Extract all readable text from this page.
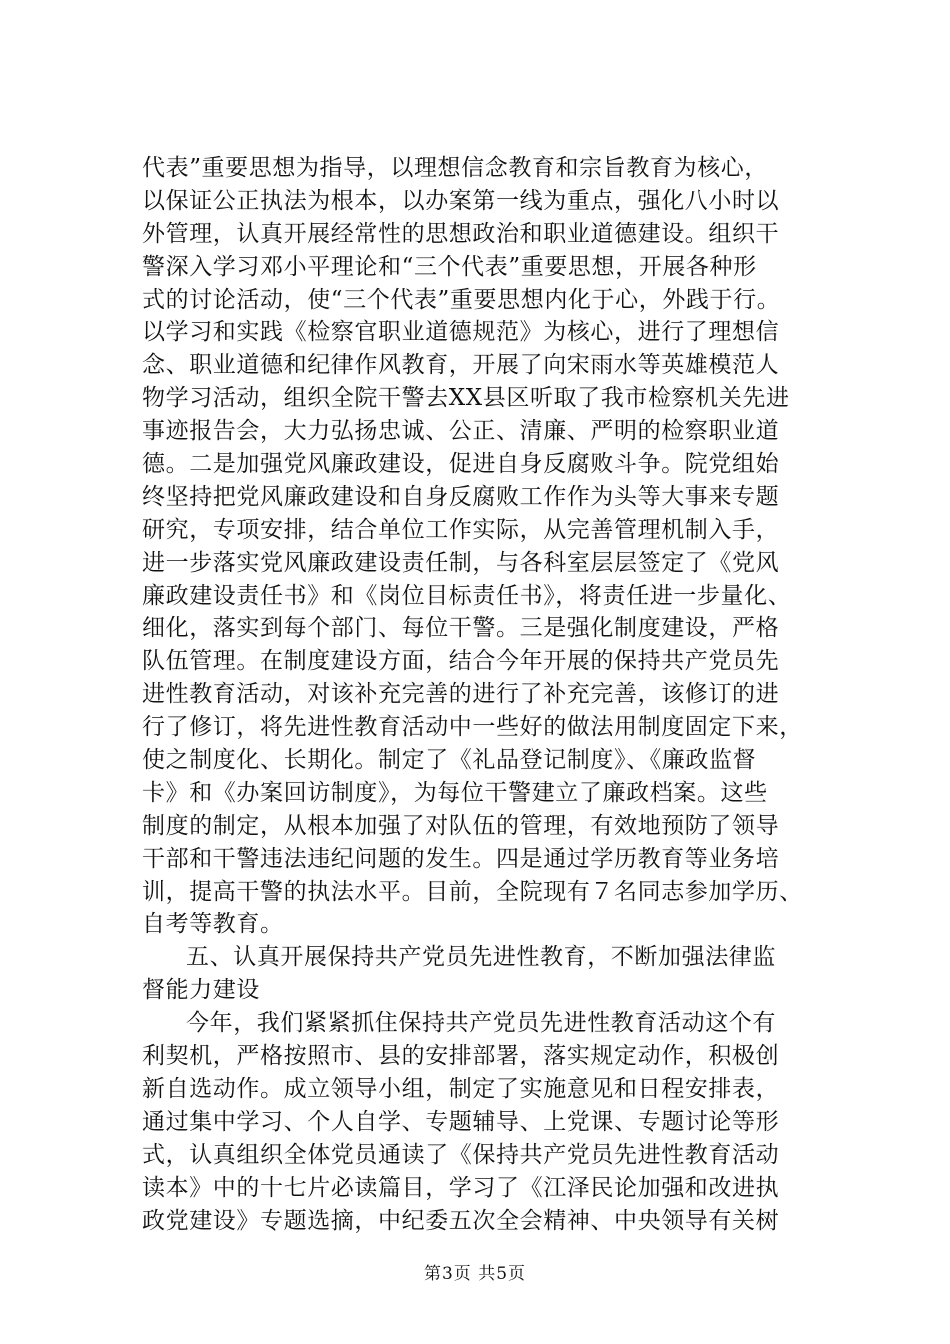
代表”重要思想为指导，以理想信念教育和宗旨教育为核心，
以保证公正执法为根本，以办案第一线为重点，强化八小时以
外管理，认真开展经常性的思想政治和职业道德建设。组织干
警深入学习邓小平理论和“三个代表”重要思想，开展各种形
式的讨论活动，使“三个代表”重要思想内化于心，外践于行。
以学习和实践《检察官职业道德规范》为核心，进行了理想信
念、职业道德和纪律作风教育，开展了向宋雨水等英雄模范人
物学习活动，组织全院干警去XX县区听取了我市检察机关先进
事迹报告会，大力弘扬忠诚、公正、清廉、严明的检察职业道
德。二是加强党风廉政建设，促进自身反腐败斗争。院党组始
终坚持把党风廉政建设和自身反腐败工作作为头等大事来专题
研究，专项安排，结合单位工作实际，从完善管理机制入手，
进一步落实党风廉政建设责任制，与各科室层层签定了《党风
廉政建设责任书》和《岗位目标责任书》，将责任进一步量化、
细化，落实到每个部门、每位干警。三是强化制度建设，严格
队伍管理。在制度建设方面，结合今年开展的保持共产党员先
进性教育活动，对该补充完善的进行了补充完善，该修订的进
行了修订，将先进性教育活动中一些好的做法用制度固定下来，
使之制度化、长期化。制定了《礼品登记制度》、《廉政监督
卡》和《办案回访制度》，为每位干警建立了廉政档案。这些
制度的制定，从根本加强了对队伍的管理，有效地预防了领导
干部和干警违法违纪问题的发生。四是通过学历教育等业务培
训，提高干警的执法水平。目前，全院现有７名同志参加学历、
自考等教育。
五、认真开展保持共产党员先进性教育，不断加强法律监
督能力建设
今年，我们紧紧抓住保持共产党员先进性教育活动这个有
利契机，严格按照市、县的安排部署，落实规定动作，积极创
新自选动作。成立领导小组，制定了实施意见和日程安排表，
通过集中学习、个人自学、专题辅导、上党课、专题讨论等形
式，认真组织全体党员通读了《保持共产党员先进性教育活动
读本》中的十七片必读篇目，学习了《江泽民论加强和改进执
政党建设》专题选摘，中纪委五次全会精神、中央领导有关树
第3页 共5页
